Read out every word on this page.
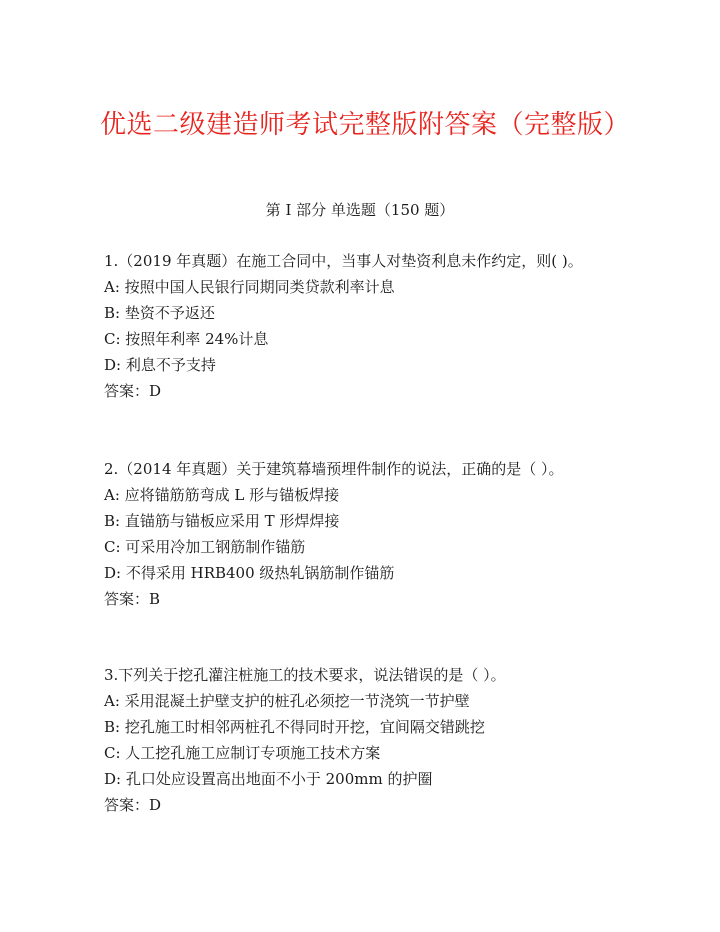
优选二级建造师考试完整版附答案（完整版）
第 I 部分 单选题（150 题）

1.（2019 年真题）在施工合同中，当事人对垫资利息未作约定，则( )。

A: 按照中国人民银行同期同类贷款利率计息

B: 垫资不予返还

C: 按照年利率 24%计息

D: 利息不予支持

答案：D

2.（2014 年真题）关于建筑幕墙预埋件制作的说法，正确的是（ ）。

A: 应将锚筋筋弯成 L 形与锚板焊接

B: 直锚筋与锚板应采用 T 形焊焊接

C: 可采用冷加工钢筋制作锚筋

D: 不得采用 HRB400 级热轧锅筋制作锚筋

答案：B

3.下列关于挖孔灌注桩施工的技术要求，说法错误的是（ ）。

A: 采用混凝土护壁支护的桩孔必须挖一节浇筑一节护壁

B: 挖孔施工时相邻两桩孔不得同时开挖，宜间隔交错跳挖

C: 人工挖孔施工应制订专项施工技术方案

D: 孔口处应设置高出地面不小于 200mm 的护圈

答案：D
